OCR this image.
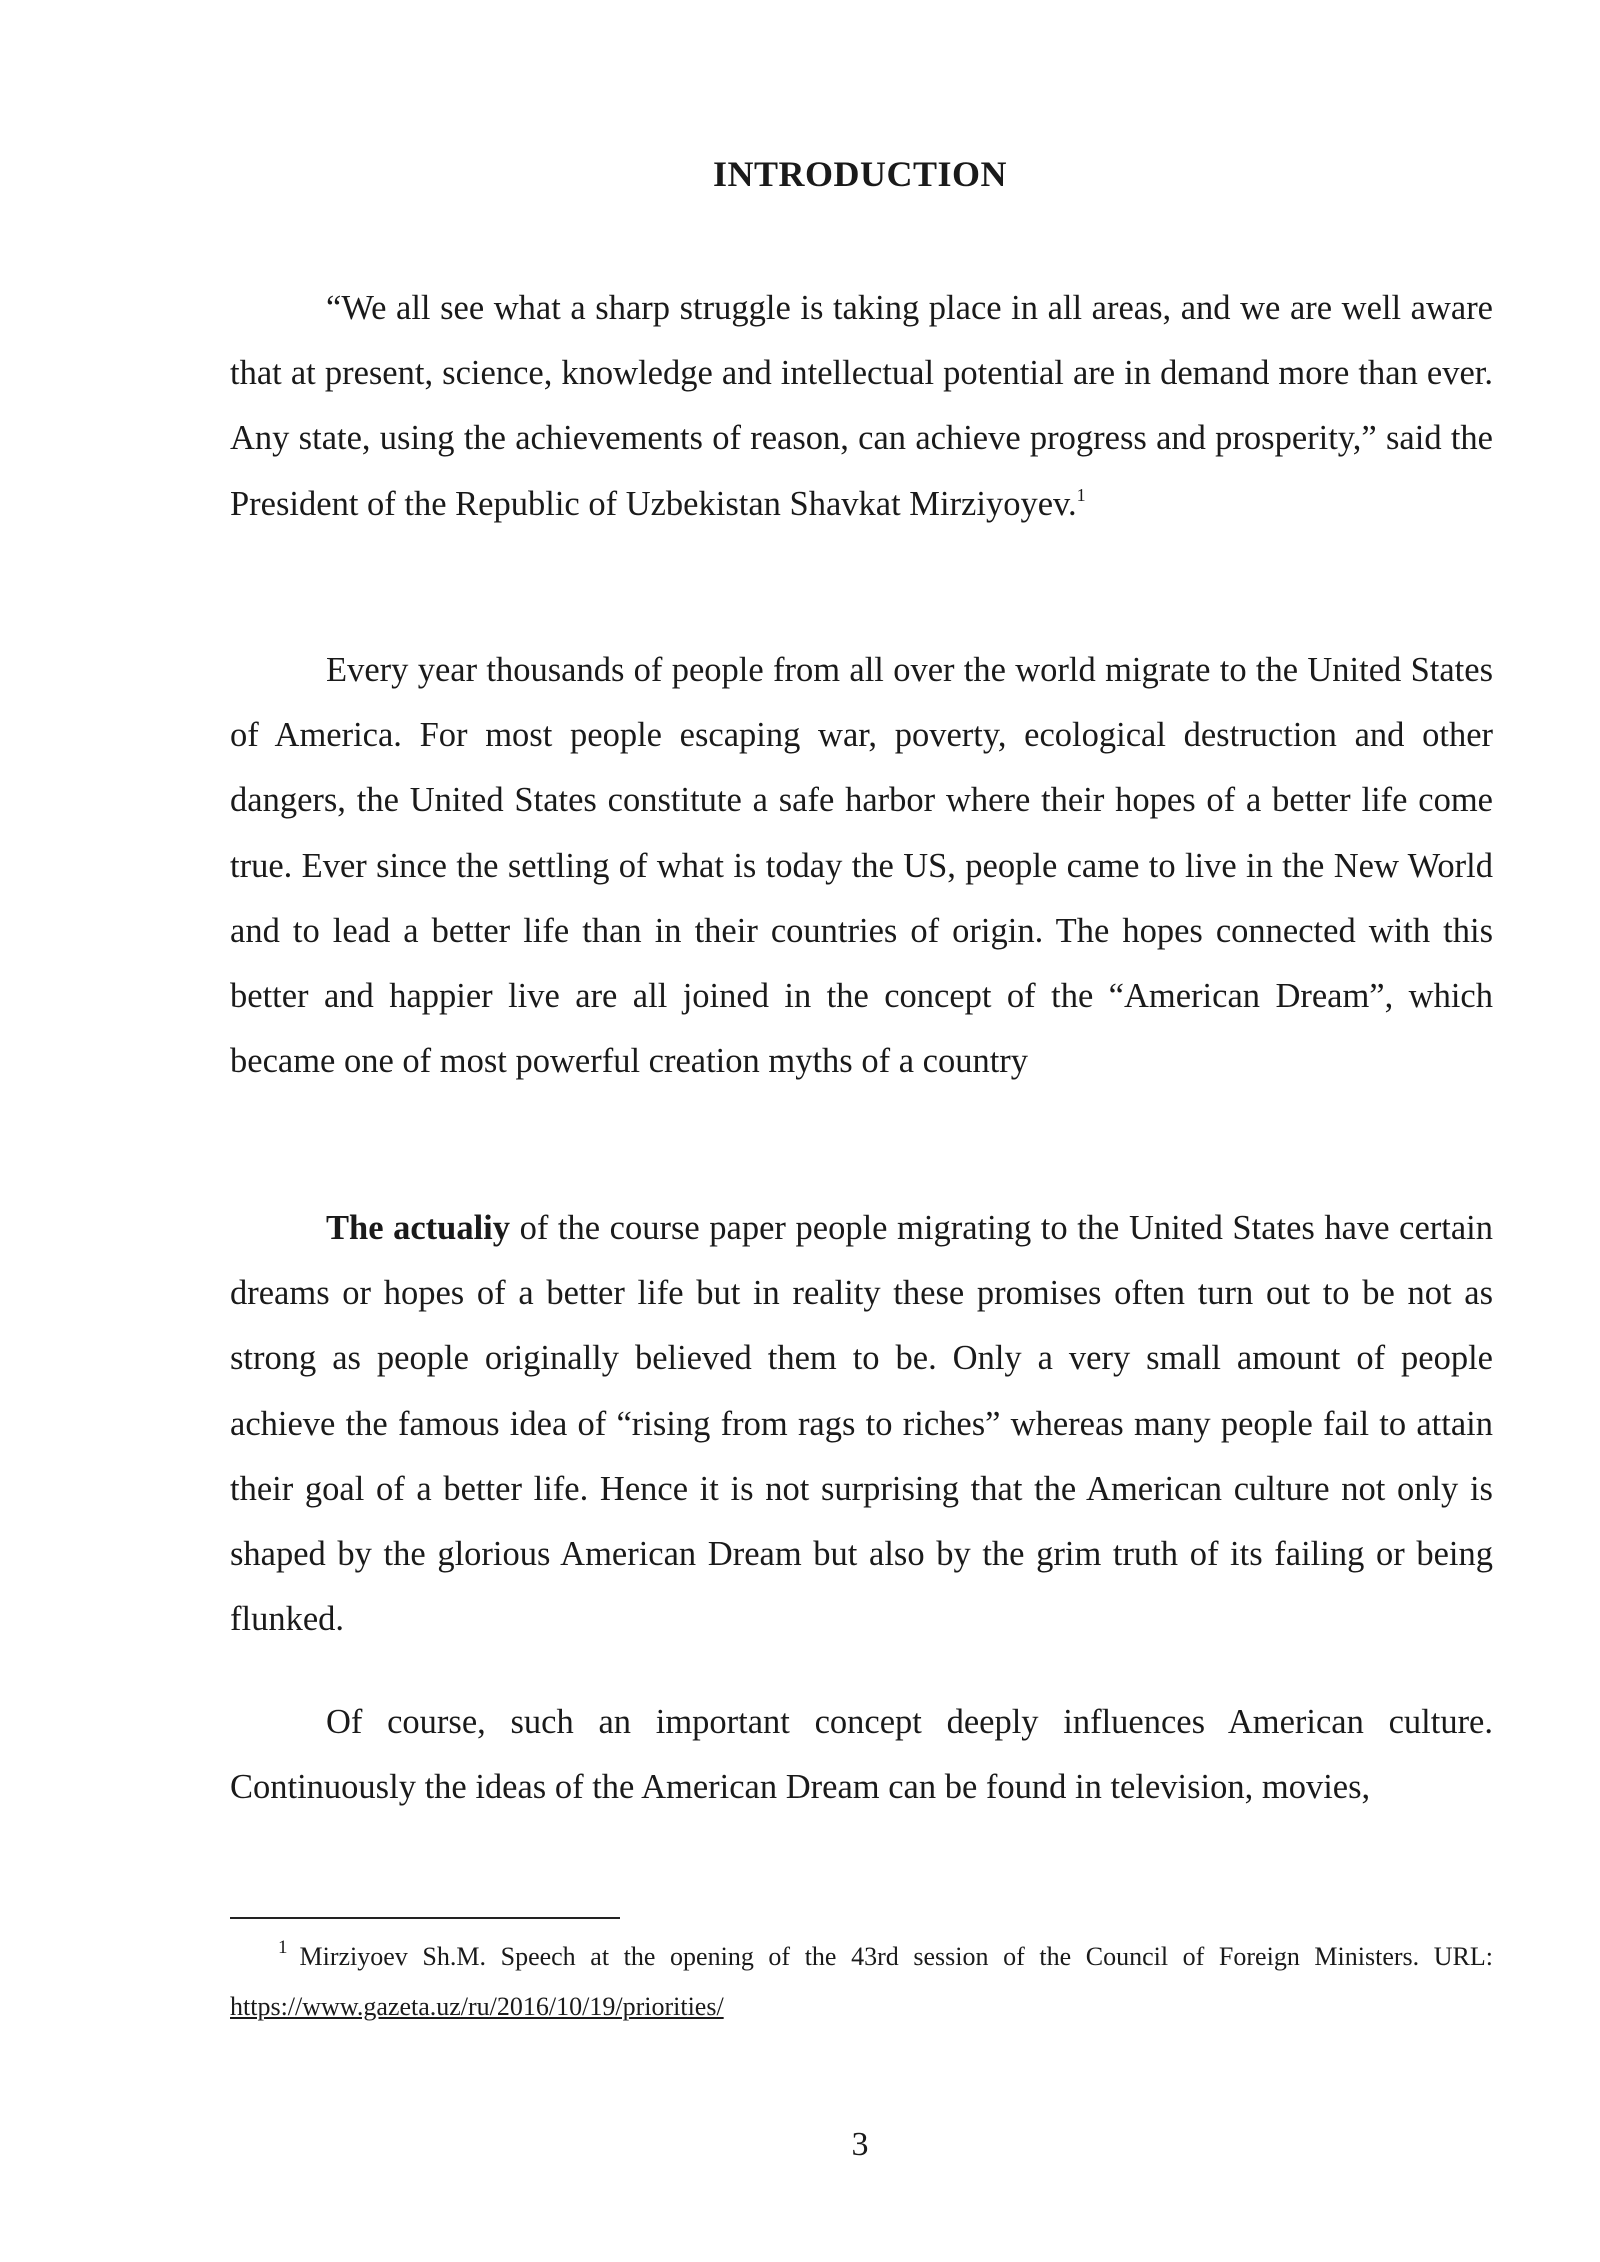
INTRODUCTION

“We all see what a sharp struggle is taking place in all areas, and we are well aware that at present, science, knowledge and intellectual potential are in demand more than ever. Any state, using the achievements of reason, can achieve progress and prosperity,” said the President of the Republic of Uzbekistan Shavkat Mirziyoyev.$^1$

Every year thousands of people from all over the world migrate to the United States of America. For most people escaping war, poverty, ecological destruction and other dangers, the United States constitute a safe harbor where their hopes of a better life come true. Ever since the settling of what is today the US, people came to live in the New World and to lead a better life than in their countries of origin. The hopes connected with this better and happier live are all joined in the concept of the “American Dream”, which became one of most powerful creation myths of a country

The actualiy of the course paper people migrating to the United States have certain dreams or hopes of a better life but in reality these promises often turn out to be not as strong as people originally believed them to be. Only a very small amount of people achieve the famous idea of “rising from rags to riches” whereas many people fail to attain their goal of a better life. Hence it is not surprising that the American culture not only is shaped by the glorious American Dream but also by the grim truth of its failing or being flunked.

Of course, such an important concept deeply influences American culture. Continuously the ideas of the American Dream can be found in television, movies,

$^1$ Mirziyoev Sh.M. Speech at the opening of the 43rd session of the Council of Foreign Ministers. URL: https://www.gazeta.uz/ru/2016/10/19/priorities/

3
